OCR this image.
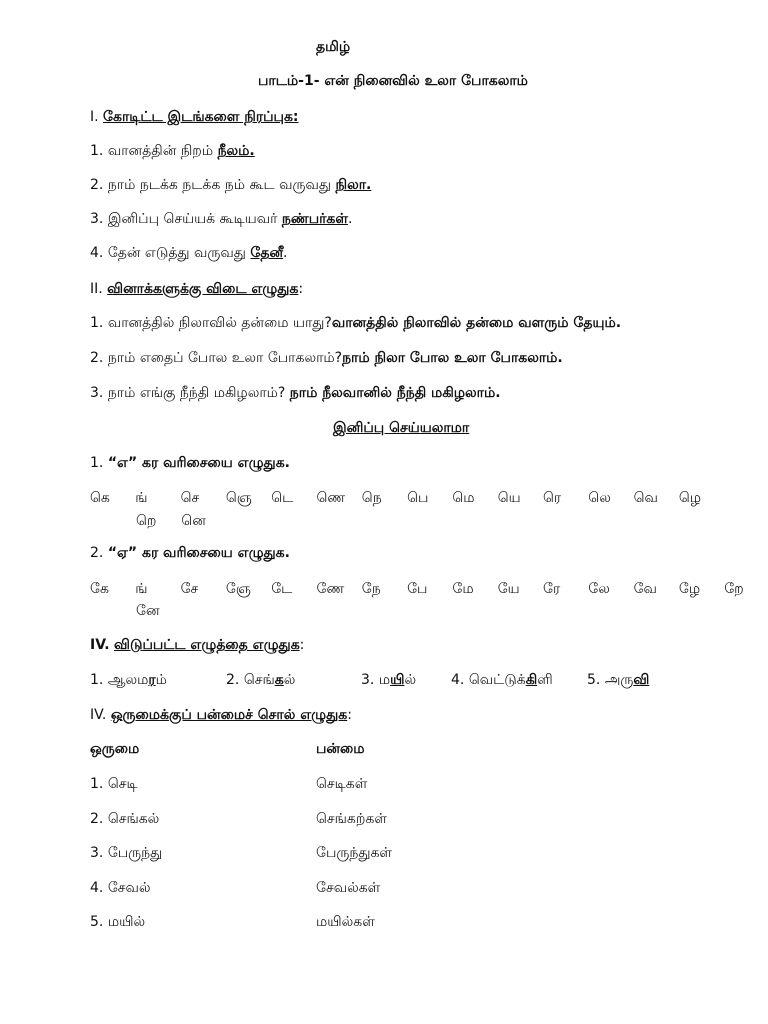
தமிழ்
பாடம்-1- என் நினைவில் உலா போகலாம்
I. கோடிட்ட இடங்களை நிரப்புக:
1. வானத்தின் நிறம் நீலம்.
2. நாம் நடக்க நடக்க நம் கூட வருவது நிலா.
3. இனிப்பு செய்யக் கூடியவர் நண்பர்கள்.
4. தேன் எடுத்து வருவது தேனீ.
II. வினாக்களுக்கு விடை எழுதுக:
1. வானத்தில் நிலாவில் தன்மை யாது?வானத்தில் நிலாவில் தன்மை வளரும் தேயும்.
2. நாம் எதைப் போல உலா போகலாம்?நாம் நிலா போல உலா போகலாம்.
3. நாம் எங்கு நீந்தி மகிழலாம்? நாம் நீலவானில் நீந்தி மகிழலாம்.
இனிப்பு செய்யலாமா
1. “எ” கர வரிசையை எழுதுக.
கெ ங் செ ஞெ டெ ணெ நெ பெ மெ யெ ரெ லெ வெ ழெ
றெ னெ
2. “ஏ” கர வரிசையை எழுதுக.
கே ங் சே ஞே டே ணே நே பே மே யே ரே லே வே ழே றே
னே
IV. விடுப்பட்ட எழுத்தை எழுதுக:
1. ஆலமரம்	2. செங்கல்	3. மயில் 4. வெட்டுக்கிளி 5. அருவி
IV. ஒருமைக்குப் பன்மைச் சொல் எழுதுக:
ஒருமை	பன்மை
1. செடி	செடிகள்
2. செங்கல்	செங்கற்கள்
3. பேருந்து	பேருந்துகள்
4. சேவல்	சேவல்கள்
5. மயில்	மயில்கள்
